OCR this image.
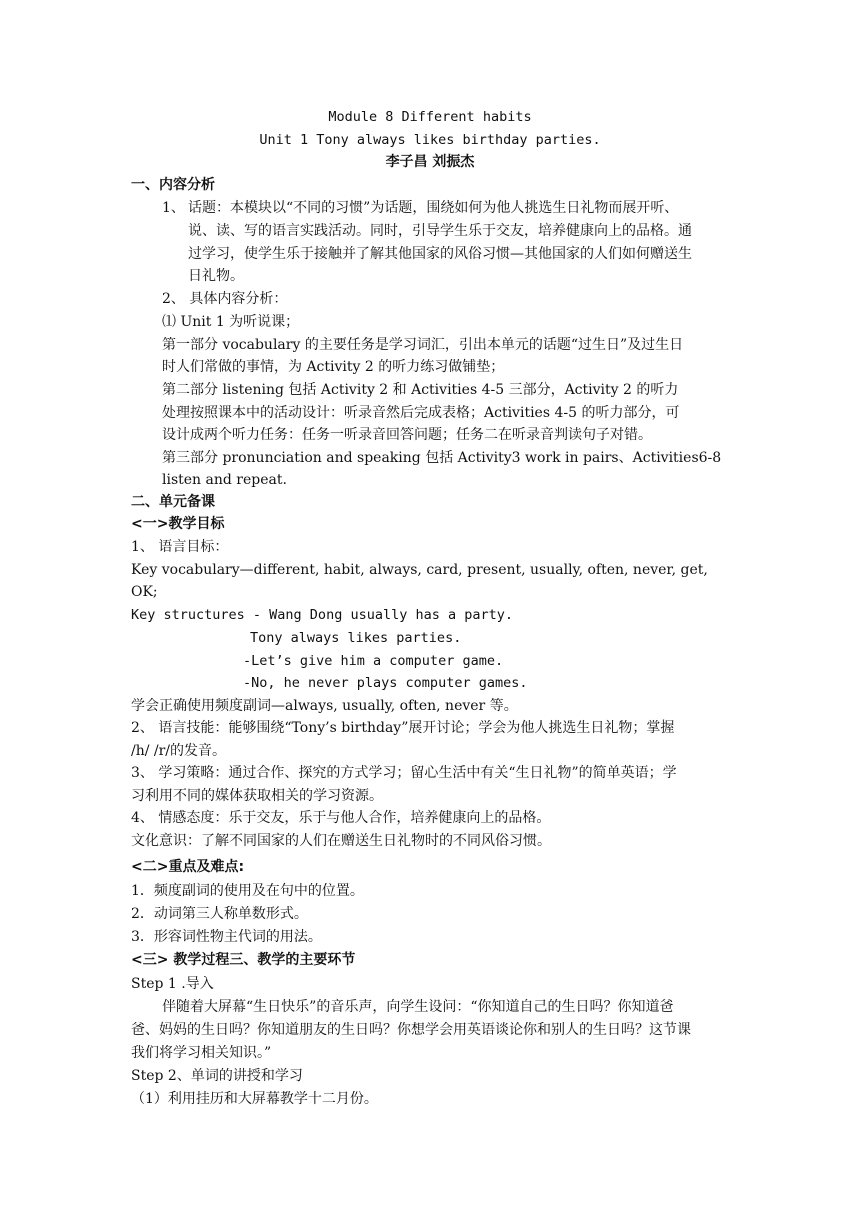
Module 8 Different habits
Unit 1 Tony always likes birthday parties.
李子昌 刘振杰
一、内容分析
1、 话题：本模块以“不同的习惯”为话题，围绕如何为他人挑选生日礼物而展开听、
说、读、写的语言实践活动。同时，引导学生乐于交友，培养健康向上的品格。通
过学习，使学生乐于接触并了解其他国家的风俗习惯—其他国家的人们如何赠送生
日礼物。
2、 具体内容分析：
⑴ Unit 1 为听说课；
第一部分 vocabulary 的主要任务是学习词汇，引出本单元的话题“过生日”及过生日
时人们常做的事情，为 Activity 2 的听力练习做铺垫；
第二部分 listening 包括 Activity 2 和 Activities 4-5 三部分，Activity 2 的听力
处理按照课本中的活动设计：听录音然后完成表格；Activities 4-5 的听力部分，可
设计成两个听力任务：任务一听录音回答问题；任务二在听录音判读句子对错。
第三部分 pronunciation and speaking 包括 Activity3 work in pairs、Activities6-8
listen and repeat.
二、单元备课
<一>教学目标
1、 语言目标：
Key vocabulary—different, habit, always, card, present, usually, often, never, get,
OK;
Key structures - Wang Dong usually has a party.
Tony always likes parties.
-Let’s give him a computer game.
-No, he never plays computer games.
学会正确使用频度副词—always, usually, often, never 等。
2、 语言技能：能够围绕“Tony’s birthday”展开讨论；学会为他人挑选生日礼物；掌握
/h/ /r/的发音。
3、 学习策略：通过合作、探究的方式学习；留心生活中有关“生日礼物”的简单英语；学
习利用不同的媒体获取相关的学习资源。
4、 情感态度：乐于交友，乐于与他人合作，培养健康向上的品格。
文化意识：了解不同国家的人们在赠送生日礼物时的不同风俗习惯。
<二>重点及难点:
1．频度副词的使用及在句中的位置。
2．动词第三人称单数形式。
3．形容词性物主代词的用法。
<三> 教学过程三、教学的主要环节
Step 1 .导入
伴随着大屏幕“生日快乐”的音乐声，向学生设问：“你知道自己的生日吗？你知道爸
爸、妈妈的生日吗？你知道朋友的生日吗？你想学会用英语谈论你和别人的生日吗？这节课
我们将学习相关知识。”
Step 2、单词的讲授和学习
（1）利用挂历和大屏幕教学十二月份。
